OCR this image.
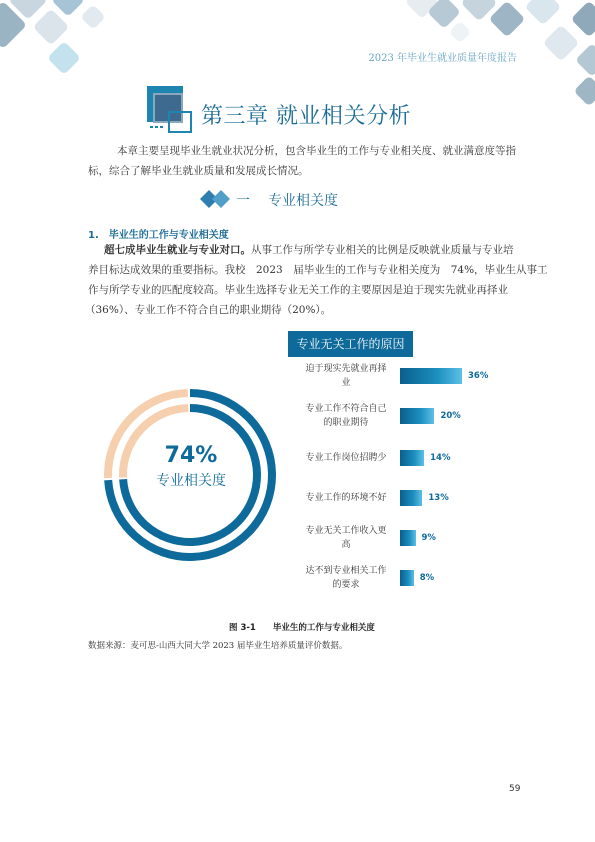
2023 年毕业生就业质量年度报告
第三章 就业相关分析
本章主要呈现毕业生就业状况分析，包含毕业生的工作与专业相关度、就业满意度等指
标，综合了解毕业生就业质量和发展成长情况。
一 专业相关度
1.　毕业生的工作与专业相关度
超七成毕业生就业与专业对口。从事工作与所学专业相关的比例是反映就业质量与专业培
养目标达成效果的重要指标。我校　2023　届毕业生的工作与专业相关度为　74%，毕业生从事工
作与所学专业的匹配度较高。毕业生选择专业无关工作的主要原因是迫于现实先就业再择业
（36%）、专业工作不符合自己的职业期待（20%）。
74%
专业相关度
专业无关工作的原因
迫于现实先就业再择
业
36%
专业工作不符合自己
的职业期待
20%
专业工作岗位招聘少	14%
专业工作的环境不好	13%
专业无关工作收入更
高
9%
达不到专业相关工作
的要求
8%
图 3-1　　毕业生的工作与专业相关度
数据来源：麦可思-山西大同大学 2023 届毕业生培养质量评价数据。
59
